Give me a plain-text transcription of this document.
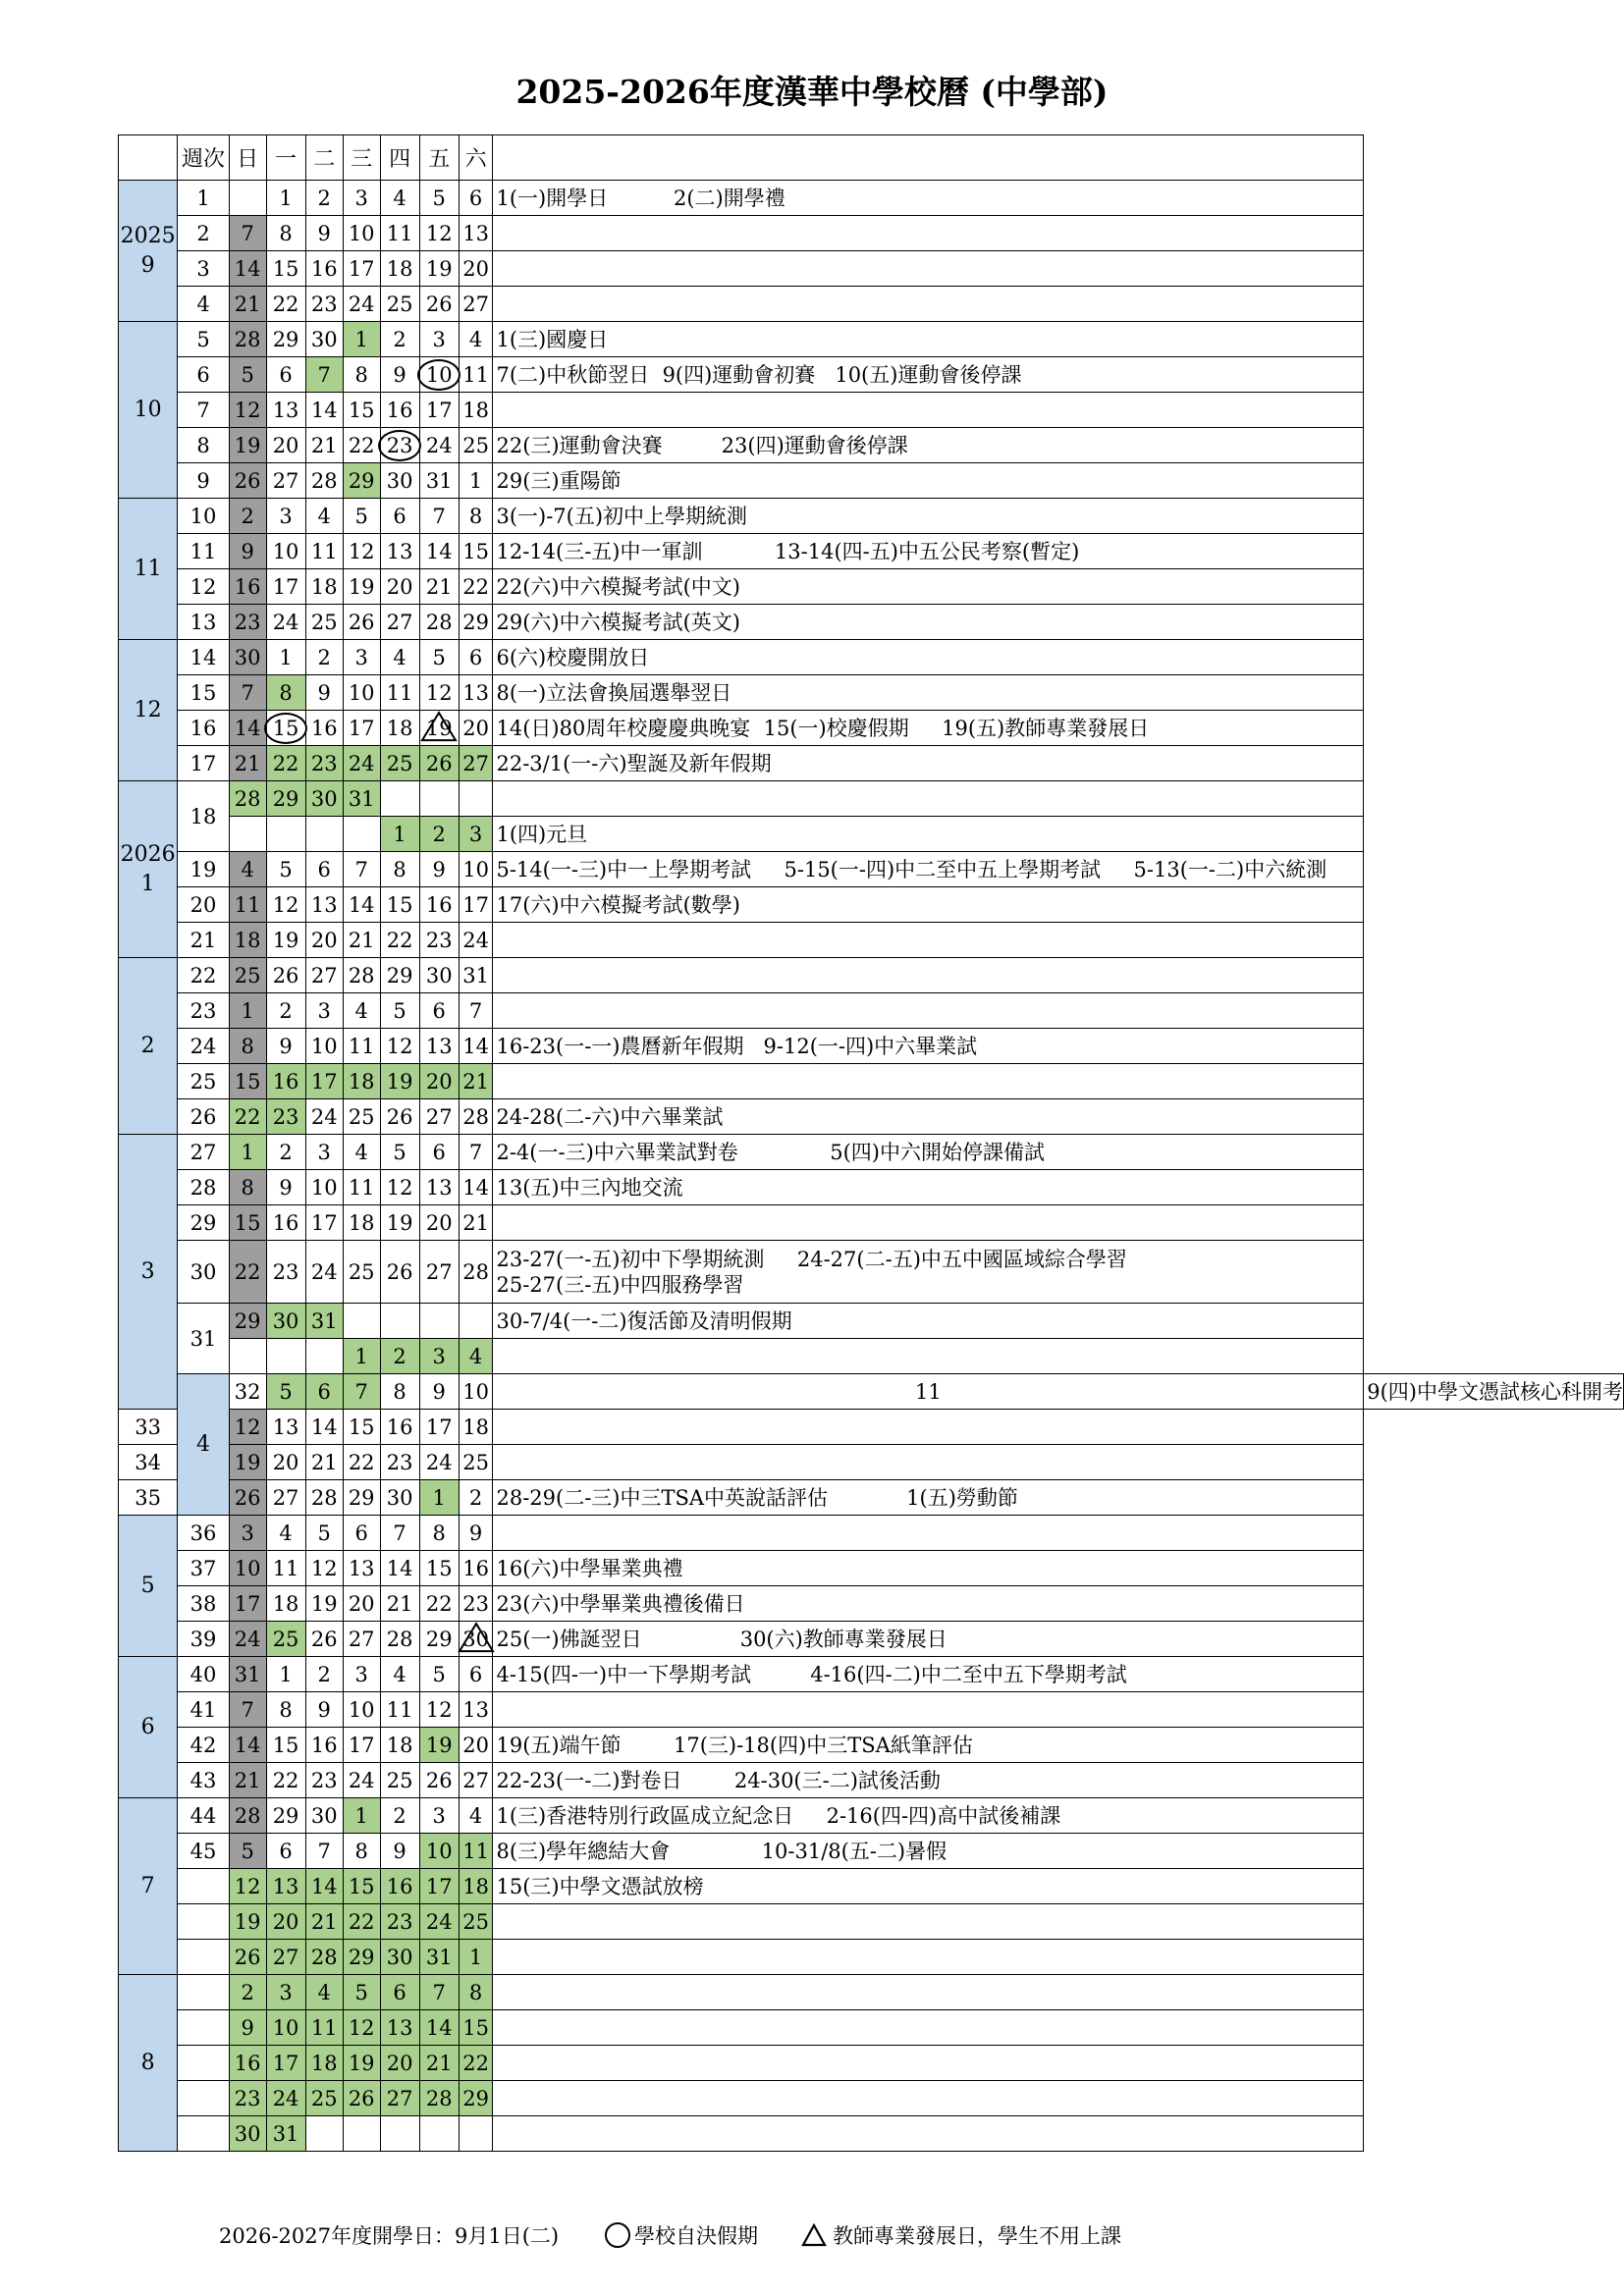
2025-2026年度漢華中學校曆 (中學部)
	週次	日	一	二	三	四	五	六		
2025
9	1		1	2	3	4	5	6	1(一)開學日          2(二)開學禮	

	2	7	8	9	10	11	12	13		

	3	14	15	16	17	18	19	20		

	4	21	22	23	24	25	26	27		

10	5	28	29	30	1	2	3	4	1(三)國慶日	

	6	5	6	7	8	9	10	11	7(二)中秋節翌日  9(四)運動會初賽   10(五)運動會後停課	

	7	12	13	14	15	16	17	18		

	8	19	20	21	22	23	24	25	22(三)運動會決賽         23(四)運動會後停課	

	9	26	27	28	29	30	31	1	29(三)重陽節	

11	10	2	3	4	5	6	7	8	3(一)-7(五)初中上學期統測	

	11	9	10	11	12	13	14	15	12-14(三-五)中一軍訓           13-14(四-五)中五公民考察(暫定)	

	12	16	17	18	19	20	21	22	22(六)中六模擬考試(中文)	

	13	23	24	25	26	27	28	29	29(六)中六模擬考試(英文)	

12	14	30	1	2	3	4	5	6	6(六)校慶開放日	

	15	7	8	9	10	11	12	13	8(一)立法會換屆選舉翌日	

	16	14	15	16	17	18	19	20	14(日)80周年校慶慶典晚宴  15(一)校慶假期     19(五)教師專業發展日	

	17	21	22	23	24	25	26	27	22-3/1(一-六)聖誕及新年假期	

2026
1	18	28	29	30	31					

						1	2	3	1(四)元旦	

	19	4	5	6	7	8	9	10	5-14(一-三)中一上學期考試     5-15(一-四)中二至中五上學期考試     5-13(一-二)中六統測	

	20	11	12	13	14	15	16	17	17(六)中六模擬考試(數學)	

	21	18	19	20	21	22	23	24		

2	22	25	26	27	28	29	30	31		

	23	1	2	3	4	5	6	7		

	24	8	9	10	11	12	13	14	16-23(一-一)農曆新年假期   9-12(一-四)中六畢業試	

	25	15	16	17	18	19	20	21		

	26	22	23	24	25	26	27	28	24-28(二-六)中六畢業試	

3	27	1	2	3	4	5	6	7	2-4(一-三)中六畢業試對卷              5(四)中六開始停課備試	

	28	8	9	10	11	12	13	14	13(五)中三內地交流	

	29	15	16	17	18	19	20	21		

	30	22	23	24	25	26	27	28	23-27(一-五)初中下學期統測     24-27(二-五)中五中國區域綜合學習
25-27(三-五)中四服務學習	

	31	29	30	31					30-7/4(一-二)復活節及清明假期	

					1	2	3	4		

	4	32	5	6	7	8	9	10	11	9(四)中學文憑試核心科開考

33		12	13	14	15	16	17	18		

34		19	20	21	22	23	24	25		

35		26	27	28	29	30	1	2	28-29(二-三)中三TSA中英說話評估            1(五)勞動節	

5	36	3	4	5	6	7	8	9		

	37	10	11	12	13	14	15	16	16(六)中學畢業典禮	

	38	17	18	19	20	21	22	23	23(六)中學畢業典禮後備日	

	39	24	25	26	27	28	29	30	25(一)佛誕翌日               30(六)教師專業發展日	

6	40	31	1	2	3	4	5	6	4-15(四-一)中一下學期考試         4-16(四-二)中二至中五下學期考試	

	41	7	8	9	10	11	12	13		

	42	14	15	16	17	18	19	20	19(五)端午節        17(三)-18(四)中三TSA紙筆評估	

	43	21	22	23	24	25	26	27	22-23(一-二)對卷日        24-30(三-二)試後活動	

7	44	28	29	30	1	2	3	4	1(三)香港特別行政區成立紀念日     2-16(四-四)高中試後補課	

	45	5	6	7	8	9	10	11	8(三)學年總結大會              10-31/8(五-二)暑假	

		12	13	14	15	16	17	18	15(三)中學文憑試放榜	

		19	20	21	22	23	24	25		

		26	27	28	29	30	31	1		

8		2	3	4	5	6	7	8		

		9	10	11	12	13	14	15		

		16	17	18	19	20	21	22		

		23	24	25	26	27	28	29		

		30	31							
2026-2027年度開學日：9月1日(二)	學校自決假期	教師專業發展日，學生不用上課
